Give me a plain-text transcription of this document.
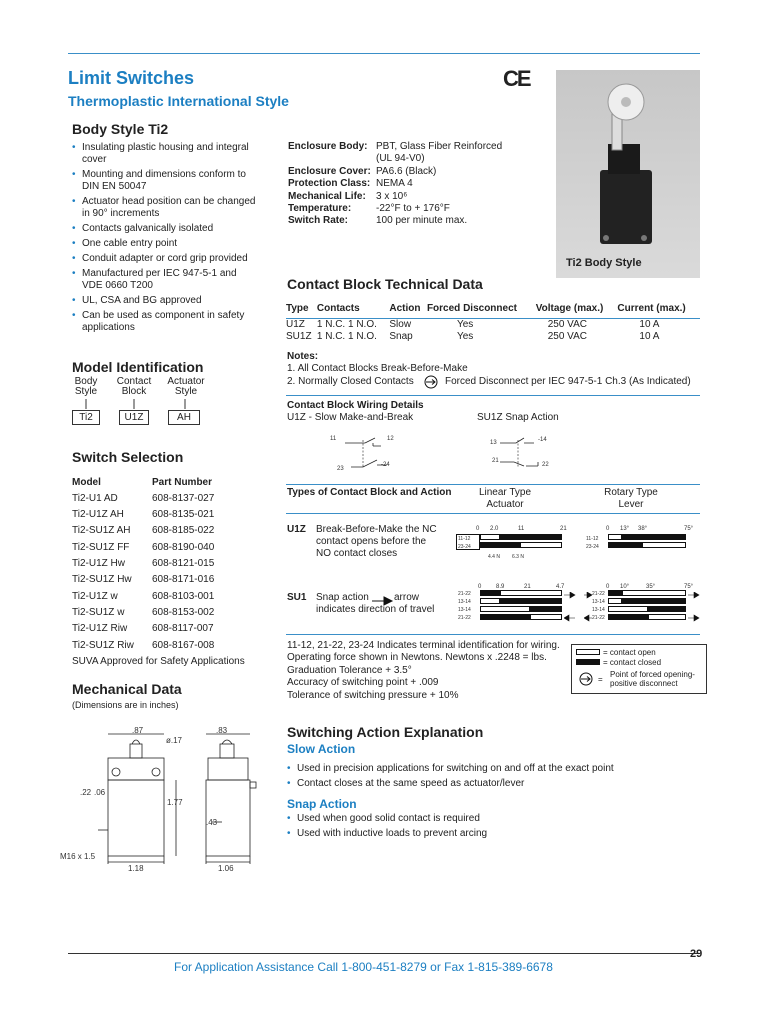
Limit Switches
Thermoplastic International Style
CE
Body Style Ti2
• Insulating plastic housing and integral cover
• Mounting and dimensions conform to DIN EN 50047
• Actuator head position can be changed in 90° increments
• Contacts galvanically isolated
• One cable entry point
• Conduit adapter or cord grip provided
• Manufactured per IEC 947-5-1 and VDE 0660 T200
• UL, CSA and BG approved
• Can be used as component in safety applications
Enclosure Body: PBT, Glass Fiber Reinforced
(UL 94-V0)
Enclosure Cover: PA6.6 (Black)
Protection Class: NEMA 4
Mechanical Life:	3 x 10⁶
Temperature:	-22°F to + 176°F
Switch Rate:	100 per minute max.
Ti2 Body Style
Contact Block Technical Data
Type	Contacts	Action	Forced Disconnect	Voltage (max.)	Current (max.)
U1Z	1 N.C. 1 N.O.	Slow	Yes	250 VAC	10 A
SU1Z	1 N.C. 1 N.O.	Snap	Yes	250 VAC	10 A
Notes:
1. All Contact Blocks Break-Before-Make
2. Normally Closed Contacts	Forced Disconnect per IEC 947-5-1 Ch.3 (As Indicated)
Contact Block Wiring Details
U1Z - Slow Make-and-Break	SU1Z Snap Action
11	12
23
-24
13	-14
21
22
Types of Contact Block and Action	Linear Type Actuator
Rotary Type Lever
U1Z Break-Before-Make the NC contact opens before the NO contact closes
0 2.0	11	21
11-12
23-24
4.4 N 6.3 N
0 13° 38°	75°
11-12
23-24
SU1 Snap action	arrow indicates direction of travel
0 8.9	21	4.7
21-22
13-14
13-14
21-22
0 10°	35°	75°
21-22
13-14
13-14
21-22
11-12, 21-22, 23-24 Indicates terminal identification for wiring.
Operating force shown in Newtons. Newtons x .2248 = lbs.
Graduation Tolerance + 3.5°
Accuracy of switching point + .009
Tolerance of switching pressure + 10%
= contact open
= contact closed
=
Point of forced opening-positive disconnect
Model Identification
Body Style
Contact Block
Actuator Style
Ti2	U1Z	AH
Switch Selection
Model	Part Number
Ti2-U1 AD	608-8137-027
Ti2-U1Z AH	608-8135-021
Ti2-SU1Z AH	608-8185-022
Ti2-SU1Z FF	608-8190-040
Ti2-U1Z Hw	608-8121-015
Ti2-SU1Z Hw	608-8171-016
Ti2-U1Z w	608-8103-001
Ti2-SU1Z w	608-8153-002
Ti2-U1Z Riw	608-8117-007
Ti2-SU1Z Riw	608-8167-008
SUVA Approved for Safety Applications
Mechanical Data
(Dimensions are in inches)
.87
ø.17
.83
.22 .06
1.77
.43
M16 x 1.5
1.18	1.06
Switching Action Explanation
Slow Action
• Used in precision applications for switching on and off at the exact point
• Contact closes at the same speed as actuator/lever
Snap Action
• Used when good solid contact is required
• Used with inductive loads to prevent arcing
29
For Application Assistance Call 1-800-451-8279 or Fax 1-815-389-6678
